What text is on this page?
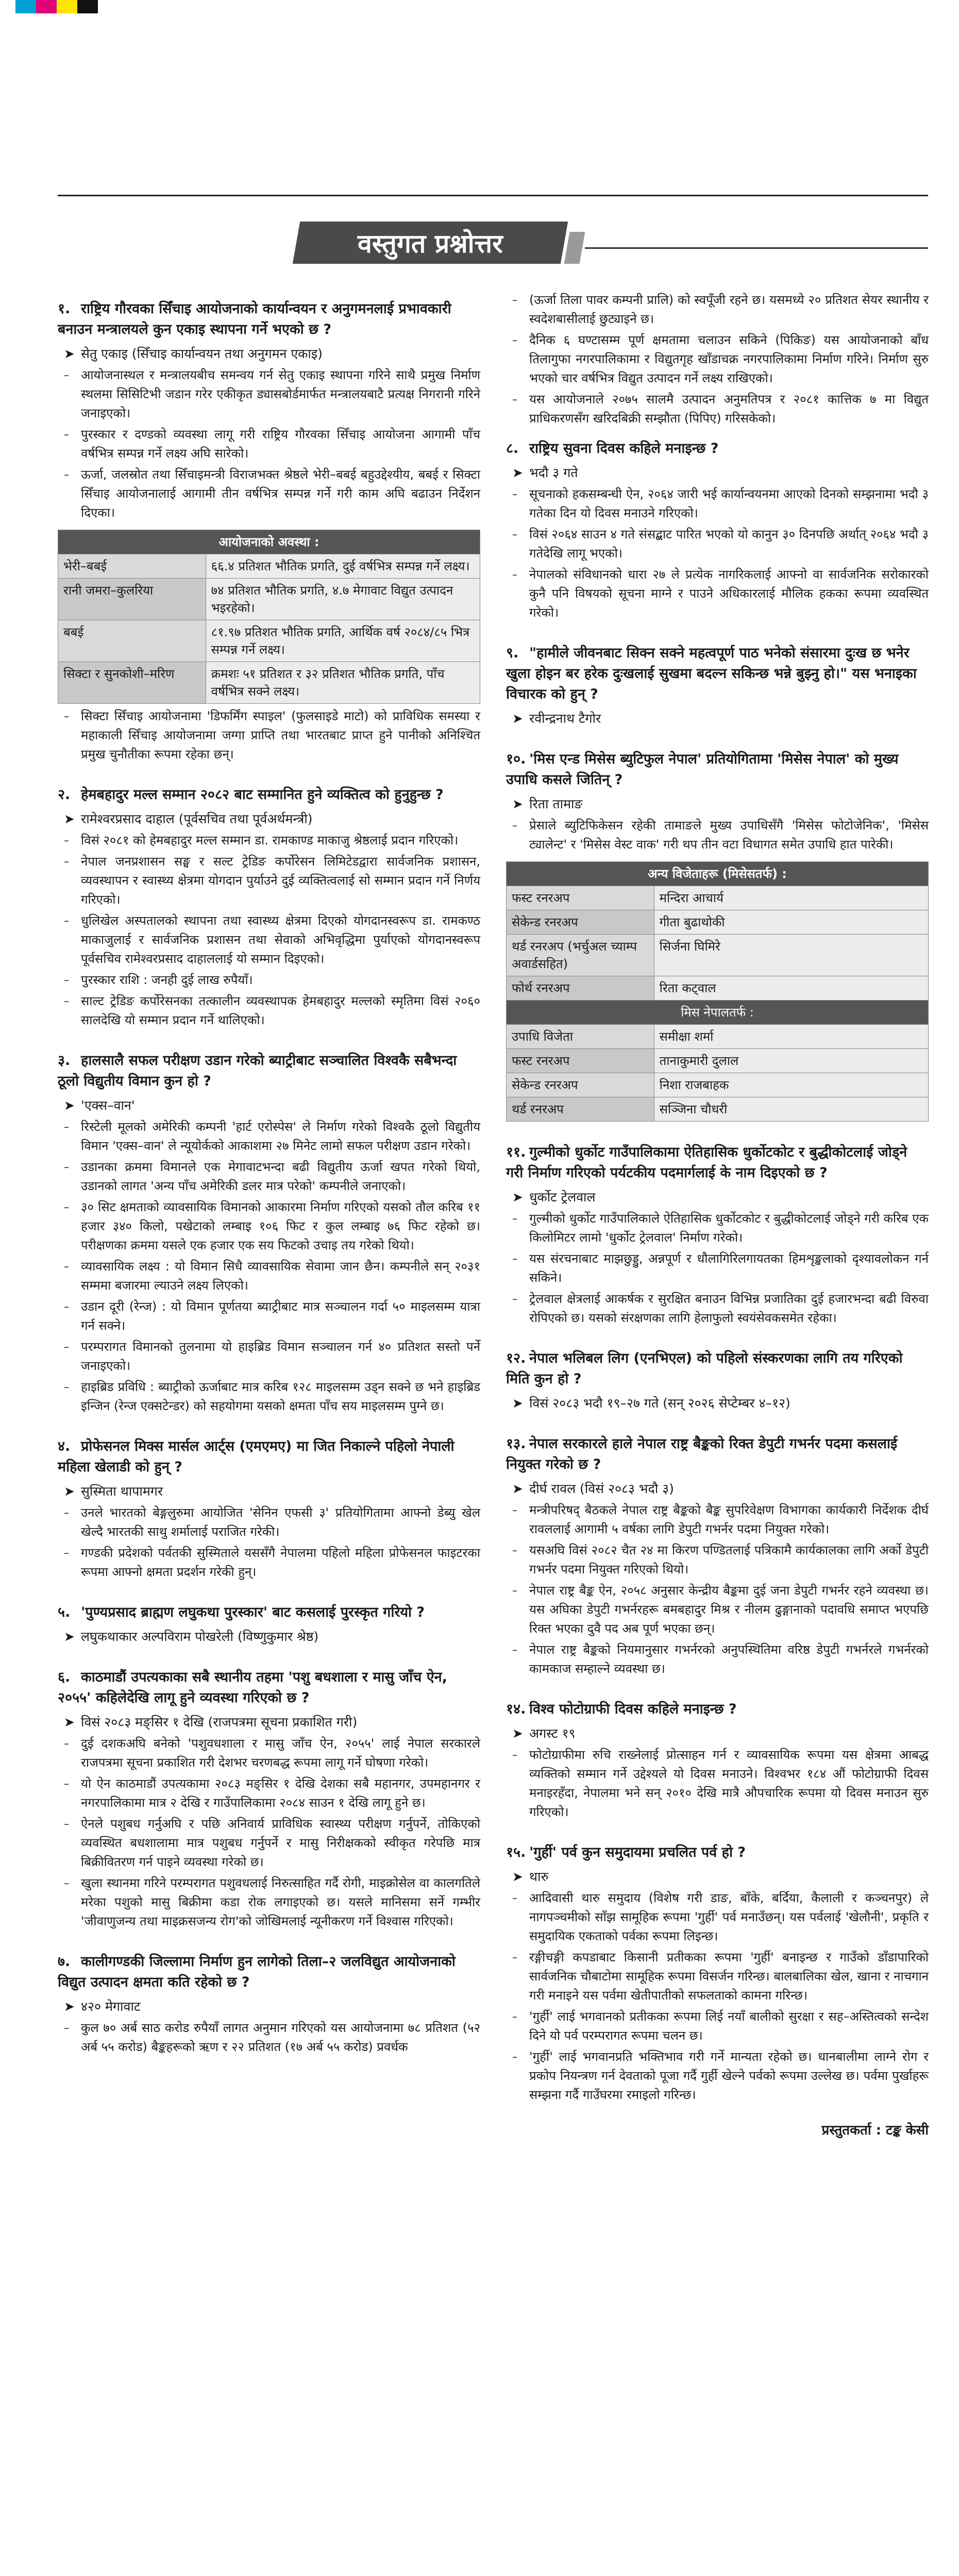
वस्तुगत प्रश्नोत्तर
१. राष्ट्रिय गौरवका सिँचाइ आयोजनाको कार्यान्वयन र अनुगमनलाई प्रभावकारी बनाउन मन्त्रालयले कुन एकाइ स्थापना गर्ने भएको छ ?
➤ सेतु एकाइ (सिँचाइ कार्यान्वयन तथा अनुगमन एकाइ)
– आयोजनास्थल र मन्त्रालयबीच समन्वय गर्न सेतु एकाइ स्थापना गरिने साथै प्रमुख निर्माण स्थलमा सिसिटिभी जडान गरेर एकीकृत ड्यासबोर्डमार्फत मन्त्रालयबाटै प्रत्यक्ष निगरानी गरिने जनाइएको।
– पुरस्कार र दण्डको व्यवस्था लागू गरी राष्ट्रिय गौरवका सिँचाइ आयोजना आगामी पाँच वर्षभित्र सम्पन्न गर्ने लक्ष्य अघि सारेको।
– ऊर्जा, जलस्रोत तथा सिँचाइमन्त्री विराजभक्त श्रेष्ठले भेरी–बबई बहुउद्देश्यीय, बबई र सिक्टा सिँचाइ आयोजनालाई आगामी तीन वर्षभित्र सम्पन्न गर्ने गरी काम अघि बढाउन निर्देशन दिएका।
आयोजनाको अवस्था :	
भेरी–बबई	६६.४ प्रतिशत भौतिक प्रगति, दुई वर्षभित्र सम्पन्न गर्ने लक्ष्य।
रानी जमरा–कुलरिया	७४ प्रतिशत भौतिक प्रगति, ४.७ मेगावाट विद्युत उत्पादन भइरहेको।
बबई	८१.९७ प्रतिशत भौतिक प्रगति, आर्थिक वर्ष २०८४/८५ भित्र सम्पन्न गर्ने लक्ष्य।
सिक्टा र सुनकोशी–मरिण	क्रमशः ५१ प्रतिशत र ३२ प्रतिशत भौतिक प्रगति, पाँच वर्षभित्र सक्ने लक्ष्य।
– सिक्टा सिँचाइ आयोजनामा 'डिफर्मिंग स्पाइल' (फुलसाइडे माटो) को प्राविधिक समस्या र महाकाली सिँचाइ आयोजनामा जग्गा प्राप्ति तथा भारतबाट प्राप्त हुने पानीको अनिश्चित प्रमुख चुनौतीका रूपमा रहेका छन्।
२. हेमबहादुर मल्ल सम्मान २०८२ बाट सम्मानित हुने व्यक्तित्व को हुनुहुन्छ ?
➤ रामेश्वरप्रसाद दाहाल (पूर्वसचिव तथा पूर्वअर्थमन्त्री)
– विसं २०८१ को हेमबहादुर मल्ल सम्मान डा. रामकाण्ड माकाजु श्रेष्ठलाई प्रदान गरिएको।
– नेपाल जनप्रशासन सङ्घ र सल्ट ट्रेडिङ कर्पोरेसन लिमिटेडद्वारा सार्वजनिक प्रशासन, व्यवस्थापन र स्वास्थ्य क्षेत्रमा योगदान पुर्याउने दुई व्यक्तित्वलाई सो सम्मान प्रदान गर्ने निर्णय गरिएको।
– धुलिखेल अस्पतालको स्थापना तथा स्वास्थ्य क्षेत्रमा दिएको योगदानस्वरूप डा. रामकण्ठ माकाजुलाई र सार्वजनिक प्रशासन तथा सेवाको अभिवृद्धिमा पुर्याएको योगदानस्वरूप पूर्वसचिव रामेश्वरप्रसाद दाहाललाई यो सम्मान दिइएको।
– पुरस्कार राशि : जनही दुई लाख रुपैयाँ।
– साल्ट ट्रेडिङ कर्पोरेसनका तत्कालीन व्यवस्थापक हेमबहादुर मल्लको स्मृतिमा विसं २०६० सालदेखि यो सम्मान प्रदान गर्ने थालिएको।
३. हालसालै सफल परीक्षण उडान गरेको ब्याट्रीबाट सञ्चालित विश्वकै सबैभन्दा ठूलो विद्युतीय विमान कुन हो ?
➤ 'एक्स–वान'
– रिस्टेली मूलको अमेरिकी कम्पनी 'हार्ट एरोस्पेस' ले निर्माण गरेको विश्वकै ठूलो विद्युतीय विमान 'एक्स–वान' ले न्यूयोर्कको आकाशमा २७ मिनेट लामो सफल परीक्षण उडान गरेको।
– उडानका क्रममा विमानले एक मेगावाटभन्दा बढी विद्युतीय ऊर्जा खपत गरेको थियो, उडानको लागत 'अन्य पाँच अमेरिकी डलर मात्र परेको' कम्पनीले जनाएको।
– ३० सिट क्षमताको व्यावसायिक विमानको आकारमा निर्माण गरिएको यसको तौल करिब ११ हजार ३४० किलो, पखेटाको लम्बाइ १०६ फिट र कुल लम्बाइ ७६ फिट रहेको छ। परीक्षणका क्रममा यसले एक हजार एक सय फिटको उचाइ तय गरेको थियो।
– व्यावसायिक लक्ष्य : यो विमान सिधै व्यावसायिक सेवामा जान छैन। कम्पनीले सन् २०३१ सम्ममा बजारमा ल्याउने लक्ष्य लिएको।
– उडान दूरी (रेन्ज) : यो विमान पूर्णतया ब्याट्रीबाट मात्र सञ्चालन गर्दा ५० माइलसम्म यात्रा गर्न सक्ने।
– परम्परागत विमानको तुलनामा यो हाइब्रिड विमान सञ्चालन गर्न ४० प्रतिशत सस्तो पर्ने जनाइएको।
– हाइब्रिड प्रविधि : ब्याट्रीको ऊर्जाबाट मात्र करिब १२८ माइलसम्म उड्न सक्ने छ भने हाइब्रिड इन्जिन (रेन्ज एक्सटेन्डर) को सहयोगमा यसको क्षमता पाँच सय माइलसम्म पुग्ने छ।
४. प्रोफेसनल मिक्स मार्सल आर्ट्स (एमएमए) मा जित निकाल्ने पहिलो नेपाली महिला खेलाडी को हुन् ?
➤ सुस्मिता थापामगर
– उनले भारतको बेङ्गलुरुमा आयोजित 'सेनिन एफसी ३' प्रतियोगितामा आफ्नो डेब्यु खेल खेल्दै भारतकी साथु शर्मालाई पराजित गरेकी।
– गण्डकी प्रदेशको पर्वतकी सुस्मिताले यससँगै नेपालमा पहिलो महिला प्रोफेसनल फाइटरका रूपमा आफ्नो क्षमता प्रदर्शन गरेकी हुन्।
५. 'पुण्यप्रसाद ब्राह्मण लघुकथा पुरस्कार' बाट कसलाई पुरस्कृत गरियो ?
➤ लघुकथाकार अल्पविराम पोखरेली (विष्णुकुमार श्रेष्ठ)
६. काठमाडौं उपत्यकाका सबै स्थानीय तहमा 'पशु बधशाला र मासु जाँच ऐन, २०५५' कहिलेदेखि लागू हुने व्यवस्था गरिएको छ ?
➤ विसं २०८३ मङ्सिर १ देखि (राजपत्रमा सूचना प्रकाशित गरी)
– दुई दशकअघि बनेको 'पशुवधशाला र मासु जाँच ऐन, २०५५' लाई नेपाल सरकारले राजपत्रमा सूचना प्रकाशित गरी देशभर चरणबद्ध रूपमा लागू गर्ने घोषणा गरेको।
– यो ऐन काठमाडौं उपत्यकामा २०८३ मङ्सिर १ देखि देशका सबै महानगर, उपमहानगर र नगरपालिकामा मात्र २ देखि र गाउँपालिकामा २०८४ साउन १ देखि लागू हुने छ।
– ऐनले पशुबध गर्नुअघि र पछि अनिवार्य प्राविधिक स्वास्थ्य परीक्षण गर्नुपर्ने, तोकिएको व्यवस्थित बधशालामा मात्र पशुबध गर्नुपर्ने र मासु निरीक्षकको स्वीकृत गरेपछि मात्र बिक्रीवितरण गर्न पाइने व्यवस्था गरेको छ।
– खुला स्थानमा गरिने परम्परागत पशुवधलाई निरुत्साहित गर्दै रोगी, माइक्रोसेल वा कालगतिले मरेका पशुको मासु बिक्रीमा कडा रोक लगाइएको छ। यसले मानिसमा सर्ने गम्भीर 'जीवाणुजन्य तथा माइक्रसजन्य रोग'को जोखिमलाई न्यूनीकरण गर्ने विश्वास गरिएको।
७. कालीगण्डकी जिल्लामा निर्माण हुन लागेको तिला–२ जलविद्युत आयोजनाको विद्युत उत्पादन क्षमता कति रहेको छ ?
➤ ४२० मेगावाट
– कुल ७० अर्ब साठ करोड रुपैयाँ लागत अनुमान गरिएको यस आयोजनामा ७८ प्रतिशत (५२ अर्ब ५५ करोड) बैङ्कहरूको ऋण र २२ प्रतिशत (१७ अर्ब ५५ करोड) प्रवर्धक
– (ऊर्जा तिला पावर कम्पनी प्रालि) को स्वपूँजी रहने छ। यसमध्ये २० प्रतिशत सेयर स्थानीय र स्वदेशबासीलाई छुट्याइने छ।
– दैनिक ६ घण्टासम्म पूर्ण क्षमतामा चलाउन सकिने (पिकिङ) यस आयोजनाको बाँध तिलागुफा नगरपालिकामा र विद्युतगृह खाँडाचक्र नगरपालिकामा निर्माण गरिने। निर्माण सुरु भएको चार वर्षभित्र विद्युत उत्पादन गर्ने लक्ष्य राखिएको।
– यस आयोजनाले २०७५ सालमै उत्पादन अनुमतिपत्र र २०८१ कात्तिक ७ मा विद्युत प्राधिकरणसँग खरिदबिक्री सम्झौता (पिपिए) गरिसकेको।
८. राष्ट्रिय सुवना दिवस कहिले मनाइन्छ ?
➤ भदौ ३ गते
– सूचनाको हकसम्बन्धी ऐन, २०६४ जारी भई कार्यान्वयनमा आएको दिनको सम्झनामा भदौ ३ गतेका दिन यो दिवस मनाउने गरिएको।
– विसं २०६४ साउन ४ गते संसद्बाट पारित भएको यो कानुन ३० दिनपछि अर्थात् २०६४ भदौ ३ गतेदेखि लागू भएको।
– नेपालको संविधानको धारा २७ ले प्रत्येक नागरिकलाई आफ्नो वा सार्वजनिक सरोकारको कुनै पनि विषयको सूचना माग्ने र पाउने अधिकारलाई मौलिक हकका रूपमा व्यवस्थित गरेको।
९. "हामीले जीवनबाट सिक्न सक्ने महत्वपूर्ण पाठ भनेको संसारमा दुःख छ भनेर खुला होइन बर हरेक दुःखलाई सुखमा बदल्न सकिन्छ भन्ने बुझ्नु हो।" यस भनाइका विचारक को हुन् ?
➤ रवीन्द्रनाथ टैगोर
१०. 'मिस एन्ड मिसेस ब्युटिफुल नेपाल' प्रतियोगितामा 'मिसेस नेपाल' को मुख्य उपाधि कसले जितिन् ?
➤ रिता तामाङ
– प्रेसाले ब्युटिफिकेसन रहेकी तामाङले मुख्य उपाधिसँगै 'मिसेस फोटोजेनिक', 'मिसेस ट्यालेन्ट' र 'मिसेस वेस्ट वाक' गरी थप तीन वटा विधागत समेत उपाधि हात पारेकी।
अन्य विजेताहरू (मिसेसतर्फ) :	
फस्ट रनरअप	मन्दिरा आचार्य
सेकेन्ड रनरअप	गीता बुढाथोकी
थर्ड रनरअप (भर्चुअल च्याम्प अवार्डसहित)	सिर्जना घिमिरे
फोर्थ रनरअप	रिता कट्‍वाल
मिस नेपालतर्फ :	
उपाधि विजेता	समीक्षा शर्मा
फस्ट रनरअप	तानाकुमारी दुलाल
सेकेन्ड रनरअप	निशा राजबाहक
थर्ड रनरअप	सञ्जिना चौधरी
११. गुल्मीको धुर्कोट गाउँपालिकामा ऐतिहासिक धुर्कोटकोट र बुद्धीकोटलाई जोड्ने गरी निर्माण गरिएको पर्यटकीय पदमार्गलाई के नाम दिइएको छ ?
➤ धुर्कोट ट्रेलवाल
– गुल्मीको धुर्कोट गाउँपालिकाले ऐतिहासिक धुर्कोटकोट र बुद्धीकोटलाई जोड्ने गरी करिब एक किलोमिटर लामो 'धुर्कोट ट्रेलवाल' निर्माण गरेको।
– यस संरचनाबाट माझछुड्डु, अन्नपूर्ण र धौलागिरिलगायतका हिमशृङ्खलाको दृश्यावलोकन गर्न सकिने।
– ट्रेलवाल क्षेत्रलाई आकर्षक र सुरक्षित बनाउन विभिन्न प्रजातिका दुई हजारभन्दा बढी विरुवा रोपिएको छ। यसको संरक्षणका लागि हेलाफुलो स्वयंसेवकसमेत रहेका।
१२. नेपाल भलिबल लिग (एनभिएल) को पहिलो संस्करणका लागि तय गरिएको मिति कुन हो ?
➤ विसं २०८३ भदौ १९–२७ गते (सन् २०२६ सेप्टेम्बर ४–१२)
१३. नेपाल सरकारले हाले नेपाल राष्ट्र बैङ्कको रिक्त डेपुटी गभर्नर पदमा कसलाई नियुक्त गरेको छ ?
➤ दीर्घ रावल (विसं २०८३ भदौ ३)
– मन्त्रीपरिषद् बैठकले नेपाल राष्ट्र बैङ्कको बैङ्क सुपरिवेक्षण विभागका कार्यकारी निर्देशक दीर्घ रावललाई आगामी ५ वर्षका लागि डेपुटी गभर्नर पदमा नियुक्त गरेको।
– यसअघि विसं २०८२ चैत २४ मा किरण पण्डितलाई पत्रिकामै कार्यकालका लागि अर्को डेपुटी गभर्नर पदमा नियुक्त गरिएको थियो।
– नेपाल राष्ट्र बैङ्क ऐन, २०५८ अनुसार केन्द्रीय बैङ्कमा दुई जना डेपुटी गभर्नर रहने व्यवस्था छ। यस अघिका डेपुटी गभर्नरहरू बमबहादुर मिश्र र नीलम ढुङ्गानाको पदावधि समाप्त भएपछि रिक्त भएका दुवै पद अब पूर्ण भएका छन्।
– नेपाल राष्ट्र बैङ्कको नियमानुसार गभर्नरको अनुपस्थितिमा वरिष्ठ डेपुटी गभर्नरले गभर्नरको कामकाज सम्हाल्ने व्यवस्था छ।
१४. विश्व फोटोग्राफी दिवस कहिले मनाइन्छ ?
➤ अगस्ट १९
– फोटोग्राफीमा रुचि राख्नेलाई प्रोत्साहन गर्न र व्यावसायिक रूपमा यस क्षेत्रमा आबद्ध व्यक्तिको सम्मान गर्ने उद्देश्यले यो दिवस मनाउने। विश्वभर १८४ औं फोटोग्राफी दिवस मनाइरहँदा, नेपालमा भने सन् २०१० देखि मात्रै औपचारिक रूपमा यो दिवस मनाउन सुरु गरिएको।
१५. 'गुर्ही' पर्व कुन समुदायमा प्रचलित पर्व हो ?
➤ थारु
– आदिवासी थारु समुदाय (विशेष गरी डाङ, बाँके, बर्दिया, कैलाली र कञ्चनपुर) ले नागपञ्चमीको साँझ सामूहिक रूपमा 'गुर्ही' पर्व मनाउँछन्। यस पर्वलाई 'खेलौनी', प्रकृति र समुदायिक एकताको पर्वका रूपमा लिइन्छ।
– रङ्गीचङ्गी कपडाबाट किसानी प्रतीकका रूपमा 'गुर्ही' बनाइन्छ र गाउँको डाँडापारिको सार्वजनिक चौबाटोमा सामूहिक रूपमा विसर्जन गरिन्छ। बालबालिका खेल, खाना र नाचगान गरी मनाइने यस पर्वमा खेतीपातीको सफलताको कामना गरिन्छ।
– 'गुर्ही' लाई भगवानको प्रतीकका रूपमा लिई नयाँ बालीको सुरक्षा र सह–अस्तित्वको सन्देश दिने यो पर्व परम्परागत रूपमा चलन छ।
– 'गुर्ही' लाई भगवानप्रति भक्तिभाव गरी गर्ने मान्यता रहेको छ। धानबालीमा लाग्ने रोग र प्रकोप नियन्त्रण गर्न देवताको पूजा गर्दै गुर्ही खेल्ने पर्वको रूपमा उल्लेख छ। पर्वमा पुर्खाहरू सम्झना गर्दै गाउँघरमा रमाइलो गरिन्छ।
प्रस्तुतकर्ता : टङ्क केसी
